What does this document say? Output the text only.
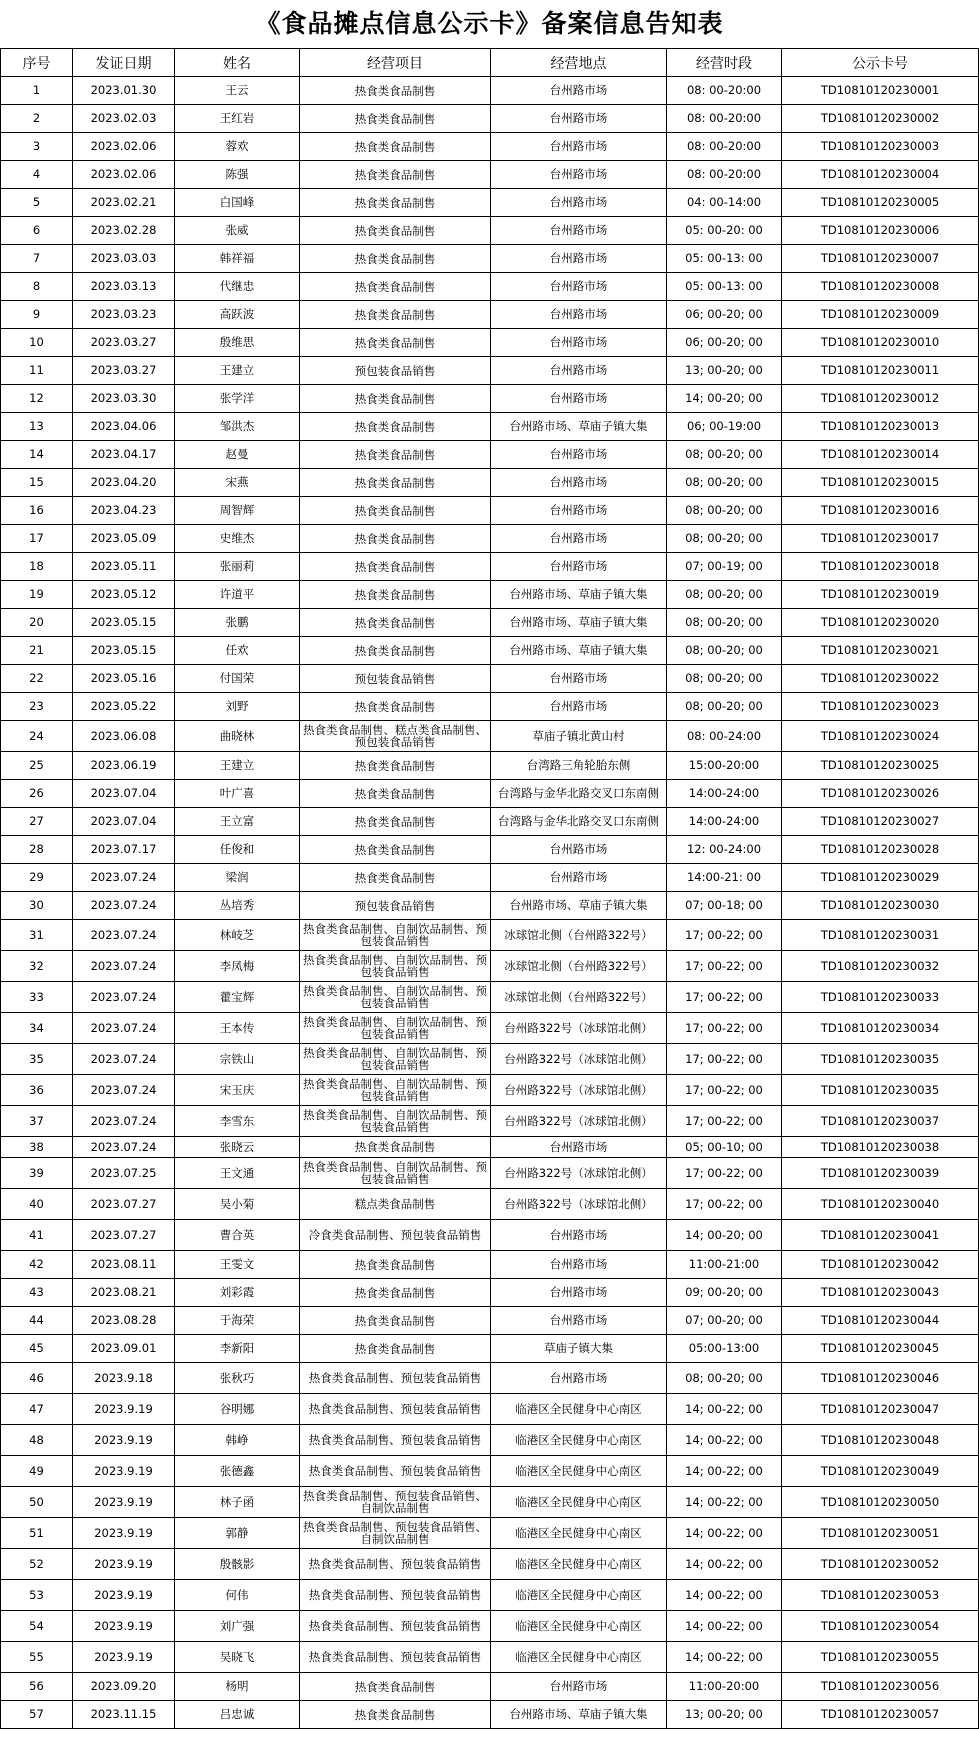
《食品摊点信息公示卡》备案信息告知表
序号	发证日期	姓名	经营项目	经营地点	经营时段	公示卡号
1	2023.01.30	王云	热食类食品制售	台州路市场	08: 00-20:00	TD10810120230001
2	2023.02.03	王红岩	热食类食品制售	台州路市场	08: 00-20:00	TD10810120230002
3	2023.02.06	蓉欢	热食类食品制售	台州路市场	08: 00-20:00	TD10810120230003
4	2023.02.06	陈强	热食类食品制售	台州路市场	08: 00-20:00	TD10810120230004
5	2023.02.21	白国峰	热食类食品制售	台州路市场	04: 00-14:00	TD10810120230005
6	2023.02.28	张威	热食类食品制售	台州路市场	05: 00-20: 00	TD10810120230006
7	2023.03.03	韩祥福	热食类食品制售	台州路市场	05: 00-13: 00	TD10810120230007
8	2023.03.13	代继忠	热食类食品制售	台州路市场	05: 00-13: 00	TD10810120230008
9	2023.03.23	高跃波	热食类食品制售	台州路市场	06; 00-20; 00	TD10810120230009
10	2023.03.27	殷维思	热食类食品制售	台州路市场	06; 00-20; 00	TD10810120230010
11	2023.03.27	王建立	预包装食品销售	台州路市场	13; 00-20; 00	TD10810120230011
12	2023.03.30	张学洋	热食类食品制售	台州路市场	14; 00-20; 00	TD10810120230012
13	2023.04.06	邹洪杰	热食类食品制售	台州路市场、草庙子镇大集	06; 00-19:00	TD10810120230013
14	2023.04.17	赵曼	热食类食品制售	台州路市场	08; 00-20; 00	TD10810120230014
15	2023.04.20	宋燕	热食类食品制售	台州路市场	08; 00-20; 00	TD10810120230015
16	2023.04.23	周智辉	热食类食品制售	台州路市场	08; 00-20; 00	TD10810120230016
17	2023.05.09	史维杰	热食类食品制售	台州路市场	08; 00-20; 00	TD10810120230017
18	2023.05.11	张丽莉	热食类食品制售	台州路市场	07; 00-19; 00	TD10810120230018
19	2023.05.12	许道平	热食类食品制售	台州路市场、草庙子镇大集	08; 00-20; 00	TD10810120230019
20	2023.05.15	张鹏	热食类食品制售	台州路市场、草庙子镇大集	08; 00-20; 00	TD10810120230020
21	2023.05.15	任欢	热食类食品制售	台州路市场、草庙子镇大集	08; 00-20; 00	TD10810120230021
22	2023.05.16	付国荣	预包装食品销售	台州路市场	08; 00-20; 00	TD10810120230022
23	2023.05.22	刘野	热食类食品制售	台州路市场	08; 00-20; 00	TD10810120230023
24	2023.06.08	曲晓林	热食类食品制售、糕点类食品制售、预包装食品销售	草庙子镇北黄山村	08: 00-24:00	TD10810120230024
25	2023.06.19	王建立	热食类食品制售	台湾路三角轮胎东侧	15:00-20:00	TD10810120230025
26	2023.07.04	叶广喜	热食类食品制售	台湾路与金华北路交叉口东南侧	14:00-24:00	TD10810120230026
27	2023.07.04	王立富	热食类食品制售	台湾路与金华北路交叉口东南侧	14:00-24:00	TD10810120230027
28	2023.07.17	任俊和	热食类食品制售	台州路市场	12: 00-24:00	TD10810120230028
29	2023.07.24	梁润	热食类食品制售	台州路市场	14:00-21: 00	TD10810120230029
30	2023.07.24	丛培秀	预包装食品销售	台州路市场、草庙子镇大集	07; 00-18; 00	TD10810120230030
31	2023.07.24	林岐芝	热食类食品制售、自制饮品制售、预包装食品销售	冰球馆北侧（台州路322号）	17; 00-22; 00	TD10810120230031
32	2023.07.24	李凤梅	热食类食品制售、自制饮品制售、预包装食品销售	冰球馆北侧（台州路322号）	17; 00-22; 00	TD10810120230032
33	2023.07.24	藿宝辉	热食类食品制售、自制饮品制售、预包装食品销售	冰球馆北侧（台州路322号）	17; 00-22; 00	TD10810120230033
34	2023.07.24	王本传	热食类食品制售、自制饮品制售、预包装食品销售	台州路322号（冰球馆北侧）	17; 00-22; 00	TD10810120230034
35	2023.07.24	宗铁山	热食类食品制售、自制饮品制售、预包装食品销售	台州路322号（冰球馆北侧）	17; 00-22; 00	TD10810120230035
36	2023.07.24	宋玉庆	热食类食品制售、自制饮品制售、预包装食品销售	台州路322号（冰球馆北侧）	17; 00-22; 00	TD10810120230035
37	2023.07.24	李雪东	热食类食品制售、自制饮品制售、预包装食品销售	台州路322号（冰球馆北侧）	17; 00-22; 00	TD10810120230037
38	2023.07.24	张晓云	热食类食品制售	台州路市场	05; 00-10; 00	TD10810120230038
39	2023.07.25	王文通	热食类食品制售、自制饮品制售、预包装食品销售	台州路322号（冰球馆北侧）	17; 00-22; 00	TD10810120230039
40	2023.07.27	吴小菊	糕点类食品制售	台州路322号（冰球馆北侧）	17; 00-22; 00	TD10810120230040
41	2023.07.27	曹合英	冷食类食品制售、预包装食品销售	台州路市场	14; 00-20; 00	TD10810120230041
42	2023.08.11	王雯文	热食类食品制售	台州路市场	11:00-21:00	TD10810120230042
43	2023.08.21	刘彩霞	热食类食品制售	台州路市场	09; 00-20; 00	TD10810120230043
44	2023.08.28	于海荣	热食类食品制售	台州路市场	07; 00-20; 00	TD10810120230044
45	2023.09.01	李新阳	热食类食品制售	草庙子镇大集	05:00-13:00	TD10810120230045
46	2023.9.18	张秋巧	热食类食品制售、预包装食品销售	台州路市场	08; 00-20; 00	TD10810120230046
47	2023.9.19	谷明娜	热食类食品制售、预包装食品销售	临港区全民健身中心南区	14; 00-22; 00	TD10810120230047
48	2023.9.19	韩峥	热食类食品制售、预包装食品销售	临港区全民健身中心南区	14; 00-22; 00	TD10810120230048
49	2023.9.19	张德鑫	热食类食品制售、预包装食品销售	临港区全民健身中心南区	14; 00-22; 00	TD10810120230049
50	2023.9.19	林子函	热食类食品制售、预包装食品销售、自制饮品制售	临港区全民健身中心南区	14; 00-22; 00	TD10810120230050
51	2023.9.19	郭静	热食类食品制售、预包装食品销售、自制饮品制售	临港区全民健身中心南区	14; 00-22; 00	TD10810120230051
52	2023.9.19	殷骸影	热食类食品制售、预包装食品销售	临港区全民健身中心南区	14; 00-22; 00	TD10810120230052
53	2023.9.19	何伟	热食类食品制售、预包装食品销售	临港区全民健身中心南区	14; 00-22; 00	TD10810120230053
54	2023.9.19	刘广强	热食类食品制售、预包装食品销售	临港区全民健身中心南区	14; 00-22; 00	TD10810120230054
55	2023.9.19	吴晓飞	热食类食品制售、预包装食品销售	临港区全民健身中心南区	14; 00-22; 00	TD10810120230055
56	2023.09.20	杨明	热食类食品制售	台州路市场	11:00-20:00	TD10810120230056
57	2023.11.15	吕忠诚	热食类食品制售	台州路市场、草庙子镇大集	13; 00-20; 00	TD10810120230057
